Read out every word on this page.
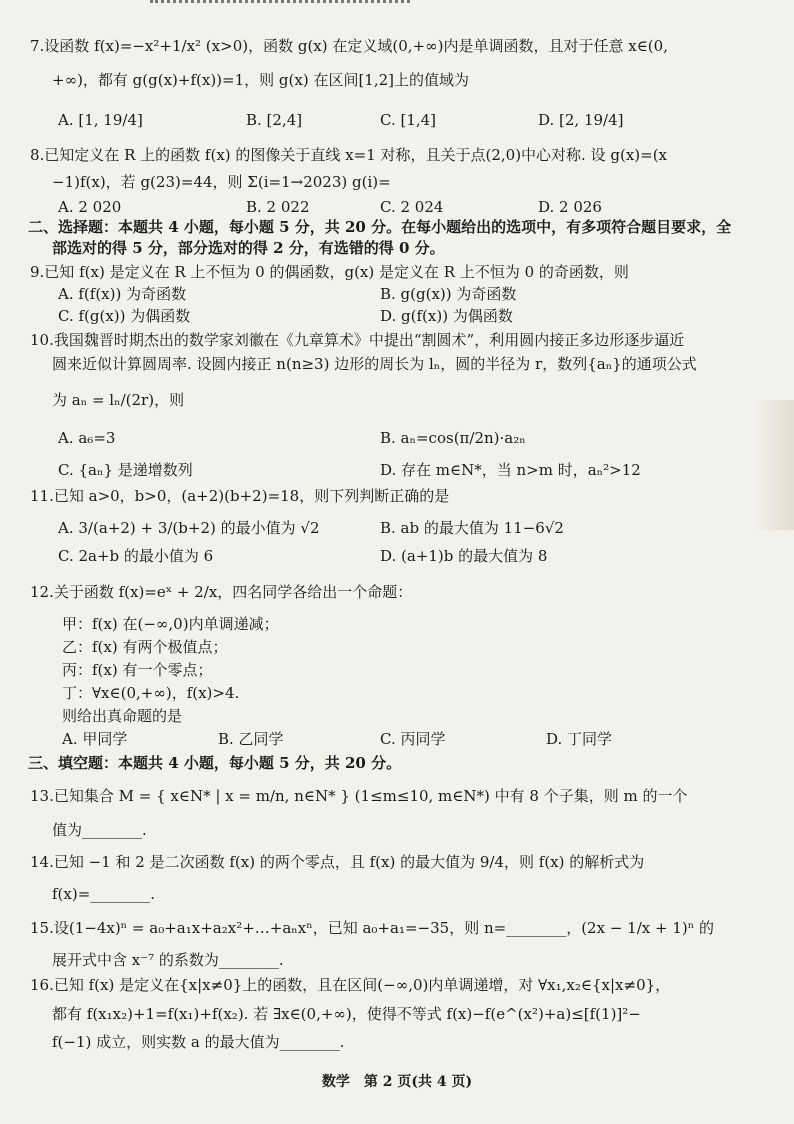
7.设函数 f(x)=−x²+1/x² (x>0)，函数 g(x) 在定义域(0,+∞)内是单调函数，且对于任意 x∈(0,
+∞)，都有 g(g(x)+f(x))=1，则 g(x) 在区间[1,2]上的值域为
A. [1, 19/4]	B. [2,4]	C. [1,4]	D. [2, 19/4]
8.已知定义在 R 上的函数 f(x) 的图像关于直线 x=1 对称，且关于点(2,0)中心对称. 设 g(x)=(x
−1)f(x)，若 g(23)=44，则 Σ(i=1→2023) g(i)=
A. 2 020	B. 2 022	C. 2 024	D. 2 026
二、选择题：本题共 4 小题，每小题 5 分，共 20 分。在每小题给出的选项中，有多项符合题目要求，全
部选对的得 5 分，部分选对的得 2 分，有选错的得 0 分。
9.已知 f(x) 是定义在 R 上不恒为 0 的偶函数，g(x) 是定义在 R 上不恒为 0 的奇函数，则
A. f(f(x)) 为奇函数	B. g(g(x)) 为奇函数
C. f(g(x)) 为偶函数	D. g(f(x)) 为偶函数
10.我国魏晋时期杰出的数学家刘徽在《九章算术》中提出“割圆术”，利用圆内接正多边形逐步逼近
圆来近似计算圆周率. 设圆内接正 n(n≥3) 边形的周长为 lₙ，圆的半径为 r，数列{aₙ}的通项公式
为 aₙ = lₙ/(2r)，则
A. a₆=3	B. aₙ=cos(π/2n)·a₂ₙ
C. {aₙ} 是递增数列	D. 存在 m∈N*，当 n>m 时，aₙ²>12
11.已知 a>0，b>0，(a+2)(b+2)=18，则下列判断正确的是
A. 3/(a+2) + 3/(b+2) 的最小值为 √2	B. ab 的最大值为 11−6√2
C. 2a+b 的最小值为 6	D. (a+1)b 的最大值为 8
12.关于函数 f(x)=eˣ + 2/x，四名同学各给出一个命题：
甲：f(x) 在(−∞,0)内单调递减；
乙：f(x) 有两个极值点；
丙：f(x) 有一个零点；
丁：∀x∈(0,+∞)，f(x)>4.
则给出真命题的是
A. 甲同学	B. 乙同学	C. 丙同学	D. 丁同学
三、填空题：本题共 4 小题，每小题 5 分，共 20 分。
13.已知集合 M = { x∈N* | x = m/n, n∈N* } (1≤m≤10, m∈N*) 中有 8 个子集，则 m 的一个
值为________.
14.已知 −1 和 2 是二次函数 f(x) 的两个零点，且 f(x) 的最大值为 9/4，则 f(x) 的解析式为
f(x)=________.
15.设(1−4x)ⁿ = a₀+a₁x+a₂x²+…+aₙxⁿ，已知 a₀+a₁=−35，则 n=________，(2x − 1/x + 1)ⁿ 的
展开式中含 x⁻⁷ 的系数为________.
16.已知 f(x) 是定义在{x|x≠0}上的函数，且在区间(−∞,0)内单调递增，对 ∀x₁,x₂∈{x|x≠0}，
都有 f(x₁x₂)+1=f(x₁)+f(x₂). 若 ∃x∈(0,+∞)，使得不等式 f(x)−f(e^(x²)+a)≤[f(1)]²−
f(−1) 成立，则实数 a 的最大值为________.
数学　第 2 页(共 4 页)
